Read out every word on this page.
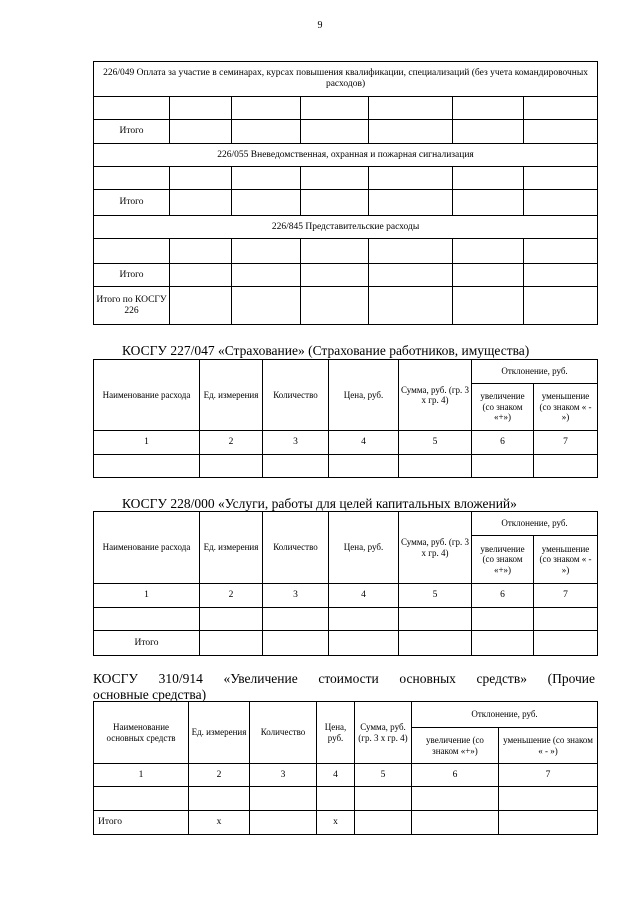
9
226/049 Оплата за участие в семинарах, курсах повышения квалификации, специализаций (без учета командировочных расходов)						

Итого						
226/055 Вневедомственная, охранная и пожарная сигнализация						

Итого						
226/845 Представительские расходы						

Итого						
Итого по КОСГУ 226						
КОСГУ 227/047 «Страхование» (Страхование работников, имущества)
Наименование расхода	Ед. измерения	Количество	Цена, руб.	Сумма, руб. (гр. 3 х гр. 4)	Отклонение, руб.	
					увеличение (со знаком «+»)	уменьшение (со знаком « - »)
1	2	3	4	5	6	7

КОСГУ 228/000 «Услуги, работы для целей капитальных вложений»
Наименование расхода	Ед. измерения	Количество	Цена, руб.	Сумма, руб. (гр. 3 х гр. 4)	Отклонение, руб.	
					увеличение (со знаком «+»)	уменьшение (со знаком « - »)
1	2	3	4	5	6	7

Итого						
КОСГУ 310/914 «Увеличение стоимости основных средств» (Прочие
основные средства)
Наименование основных средств	Ед. измерения	Количество	Цена, руб.	Сумма, руб. (гр. 3 х гр. 4)	Отклонение, руб.	
					увеличение (со знаком «+»)	уменьшение (со знаком « - »)
1	2	3	4	5	6	7

Итого	х		х			
